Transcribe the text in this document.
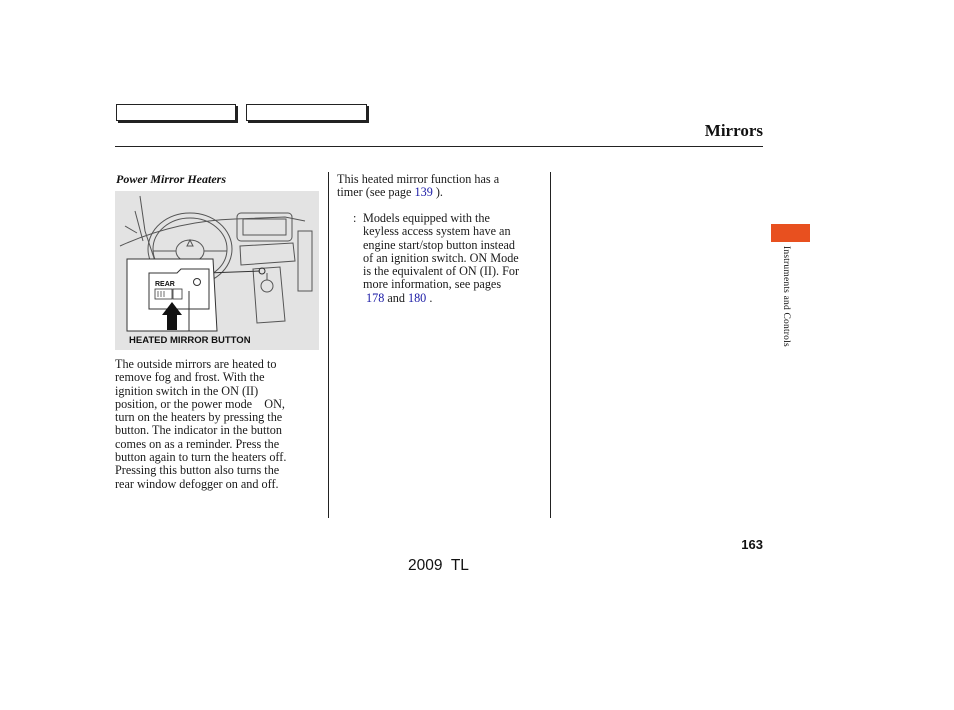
Mirrors
Power Mirror Heaters
REAR
HEATED MIRROR BUTTON
The outside mirrors are heated to
remove fog and frost. With the
ignition switch in the ON (II)
position, or the power mode    ON,
turn on the heaters by pressing the
button. The indicator in the button
comes on as a reminder. Press the
button again to turn the heaters off.
Pressing this button also turns the
rear window defogger on and off.
This heated mirror function has a
timer (see page 139 ).
: Models equipped with the
keyless access system have an
engine start/stop button instead
of an ignition switch. ON Mode
is the equivalent of ON (II). For
more information, see pages
178 and 180 .	Instruments and Controls
163
2009  TL
